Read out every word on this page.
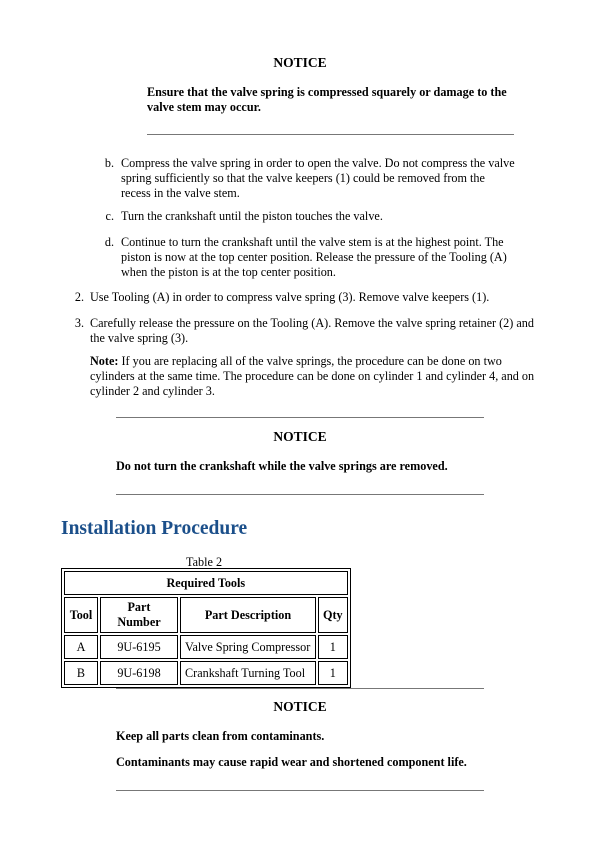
NOTICE
Ensure that the valve spring is compressed squarely or damage to the valve stem may occur.
b. Compress the valve spring in order to open the valve. Do not compress the valve spring sufficiently so that the valve keepers (1) could be removed from the recess in the valve stem.
c. Turn the crankshaft until the piston touches the valve.
d. Continue to turn the crankshaft until the valve stem is at the highest point. The piston is now at the top center position. Release the pressure of the Tooling (A) when the piston is at the top center position.
2. Use Tooling (A) in order to compress valve spring (3). Remove valve keepers (1).
3. Carefully release the pressure on the Tooling (A). Remove the valve spring retainer (2) and the valve spring (3).
Note: If you are replacing all of the valve springs, the procedure can be done on two cylinders at the same time. The procedure can be done on cylinder 1 and cylinder 4, and on cylinder 2 and cylinder 3.
NOTICE
Do not turn the crankshaft while the valve springs are removed.
Installation Procedure
Table 2
Required Tools			
Tool	Part Number	Part Description	Qty
A	9U-6195	Valve Spring Compressor	1
B	9U-6198	Crankshaft Turning Tool	1
NOTICE
Keep all parts clean from contaminants.
Contaminants may cause rapid wear and shortened component life.
